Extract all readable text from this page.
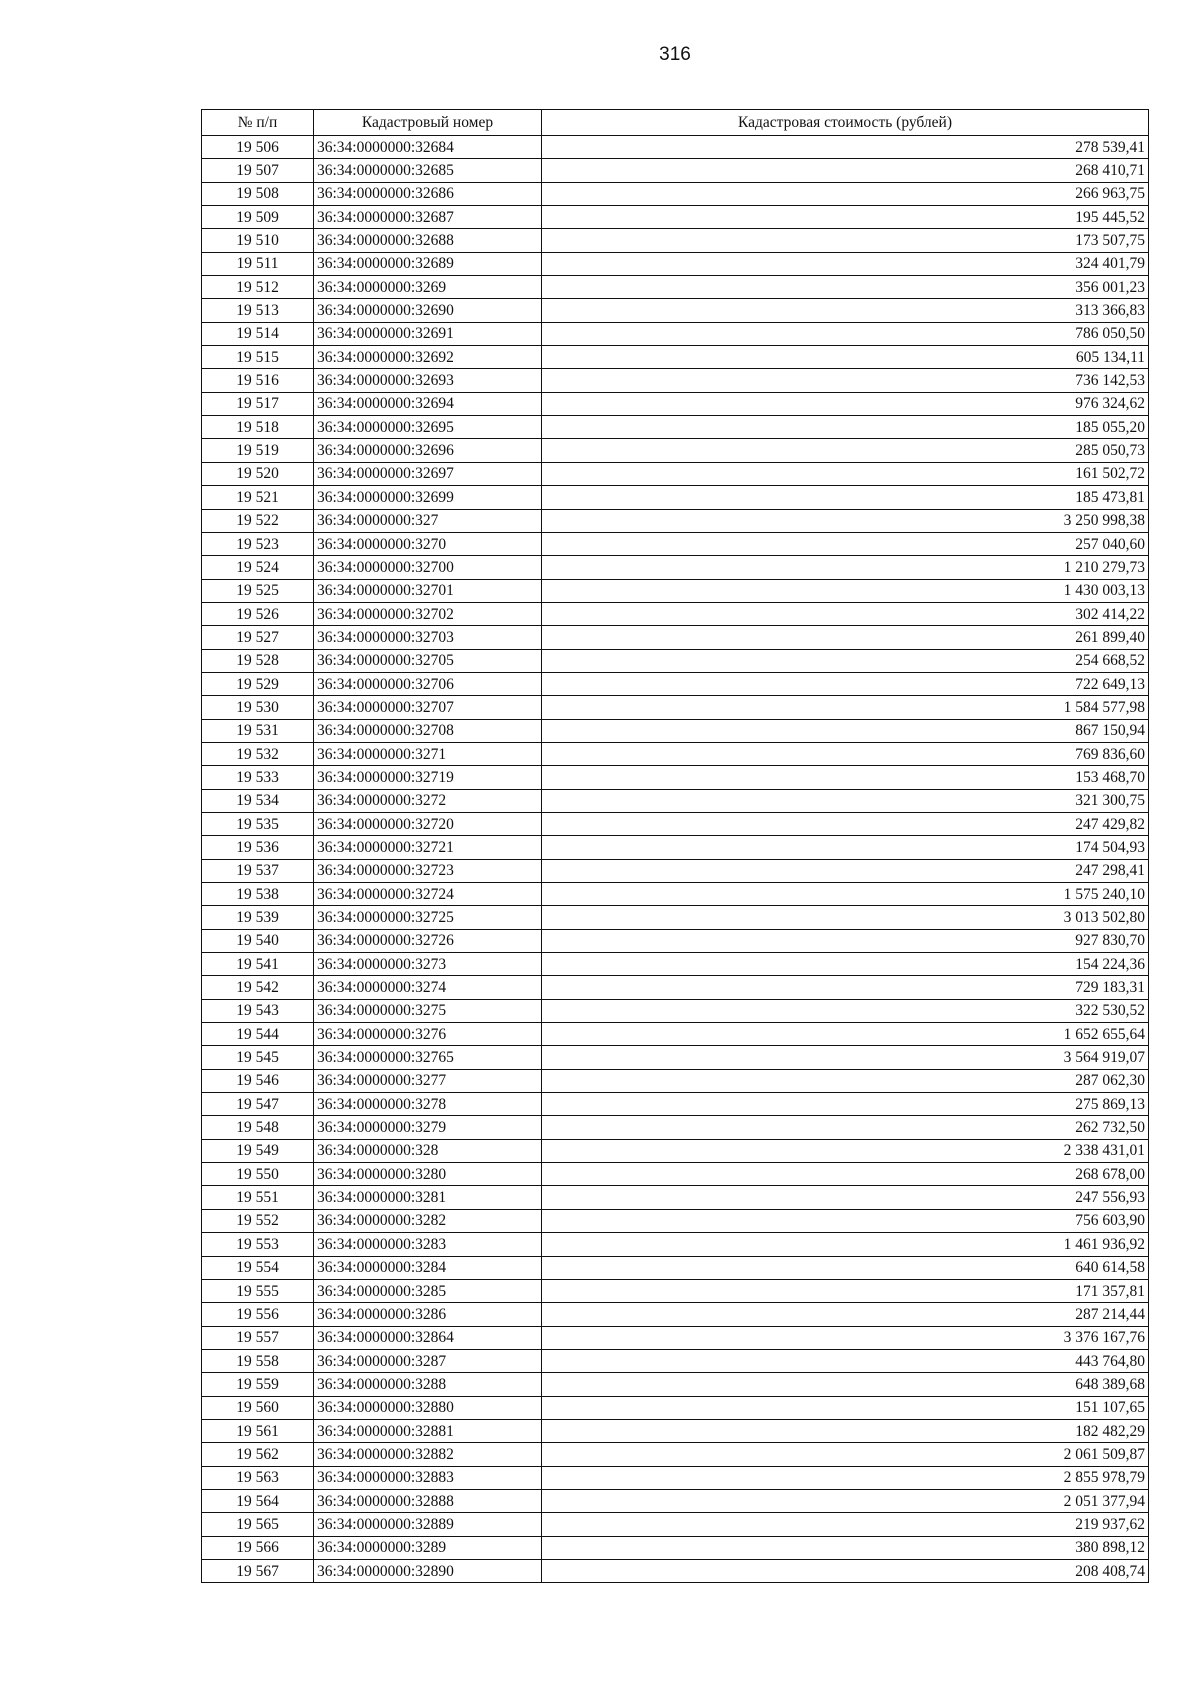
316
№ п/п	Кадастровый номер	Кадастровая стоимость (рублей)
19 506	36:34:0000000:32684	278 539,41
19 507	36:34:0000000:32685	268 410,71
19 508	36:34:0000000:32686	266 963,75
19 509	36:34:0000000:32687	195 445,52
19 510	36:34:0000000:32688	173 507,75
19 511	36:34:0000000:32689	324 401,79
19 512	36:34:0000000:3269	356 001,23
19 513	36:34:0000000:32690	313 366,83
19 514	36:34:0000000:32691	786 050,50
19 515	36:34:0000000:32692	605 134,11
19 516	36:34:0000000:32693	736 142,53
19 517	36:34:0000000:32694	976 324,62
19 518	36:34:0000000:32695	185 055,20
19 519	36:34:0000000:32696	285 050,73
19 520	36:34:0000000:32697	161 502,72
19 521	36:34:0000000:32699	185 473,81
19 522	36:34:0000000:327	3 250 998,38
19 523	36:34:0000000:3270	257 040,60
19 524	36:34:0000000:32700	1 210 279,73
19 525	36:34:0000000:32701	1 430 003,13
19 526	36:34:0000000:32702	302 414,22
19 527	36:34:0000000:32703	261 899,40
19 528	36:34:0000000:32705	254 668,52
19 529	36:34:0000000:32706	722 649,13
19 530	36:34:0000000:32707	1 584 577,98
19 531	36:34:0000000:32708	867 150,94
19 532	36:34:0000000:3271	769 836,60
19 533	36:34:0000000:32719	153 468,70
19 534	36:34:0000000:3272	321 300,75
19 535	36:34:0000000:32720	247 429,82
19 536	36:34:0000000:32721	174 504,93
19 537	36:34:0000000:32723	247 298,41
19 538	36:34:0000000:32724	1 575 240,10
19 539	36:34:0000000:32725	3 013 502,80
19 540	36:34:0000000:32726	927 830,70
19 541	36:34:0000000:3273	154 224,36
19 542	36:34:0000000:3274	729 183,31
19 543	36:34:0000000:3275	322 530,52
19 544	36:34:0000000:3276	1 652 655,64
19 545	36:34:0000000:32765	3 564 919,07
19 546	36:34:0000000:3277	287 062,30
19 547	36:34:0000000:3278	275 869,13
19 548	36:34:0000000:3279	262 732,50
19 549	36:34:0000000:328	2 338 431,01
19 550	36:34:0000000:3280	268 678,00
19 551	36:34:0000000:3281	247 556,93
19 552	36:34:0000000:3282	756 603,90
19 553	36:34:0000000:3283	1 461 936,92
19 554	36:34:0000000:3284	640 614,58
19 555	36:34:0000000:3285	171 357,81
19 556	36:34:0000000:3286	287 214,44
19 557	36:34:0000000:32864	3 376 167,76
19 558	36:34:0000000:3287	443 764,80
19 559	36:34:0000000:3288	648 389,68
19 560	36:34:0000000:32880	151 107,65
19 561	36:34:0000000:32881	182 482,29
19 562	36:34:0000000:32882	2 061 509,87
19 563	36:34:0000000:32883	2 855 978,79
19 564	36:34:0000000:32888	2 051 377,94
19 565	36:34:0000000:32889	219 937,62
19 566	36:34:0000000:3289	380 898,12
19 567	36:34:0000000:32890	208 408,74
